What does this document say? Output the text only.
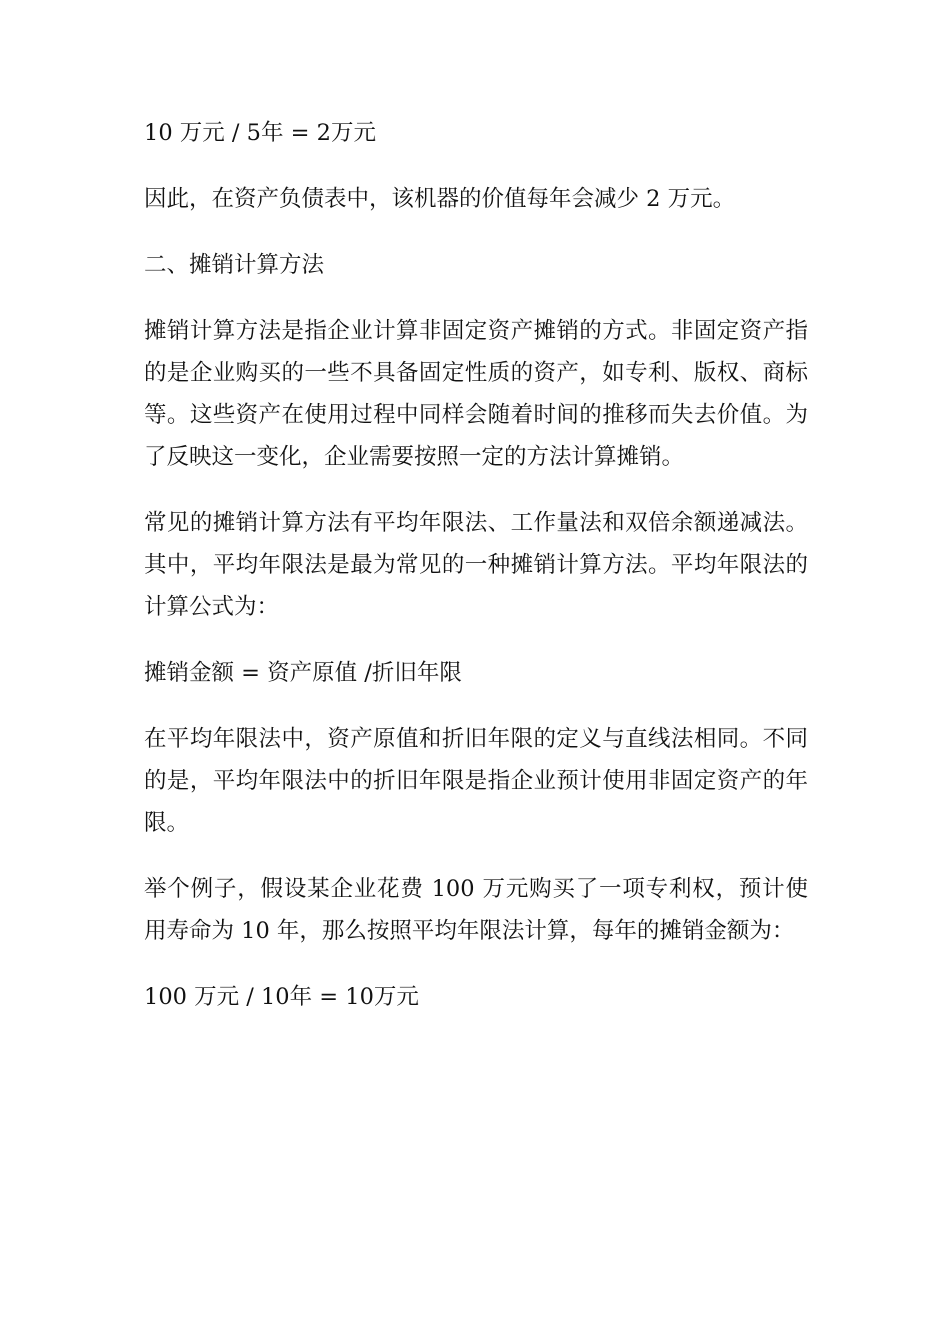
10 万元 / 5年 = 2万元

因此，在资产负债表中，该机器的价值每年会减少 2 万元。

二、摊销计算方法

摊销计算方法是指企业计算非固定资产摊销的方式。非固定资产指的是企业购买的一些不具备固定性质的资产，如专利、版权、商标等。这些资产在使用过程中同样会随着时间的推移而失去价值。为了反映这一变化，企业需要按照一定的方法计算摊销。

常见的摊销计算方法有平均年限法、工作量法和双倍余额递减法。其中，平均年限法是最为常见的一种摊销计算方法。平均年限法的计算公式为：

摊销金额 = 资产原值 /折旧年限

在平均年限法中，资产原值和折旧年限的定义与直线法相同。不同的是，平均年限法中的折旧年限是指企业预计使用非固定资产的年限。

举个例子，假设某企业花费 100 万元购买了一项专利权，预计使用寿命为 10 年，那么按照平均年限法计算，每年的摊销金额为：

100 万元 / 10年 = 10万元
